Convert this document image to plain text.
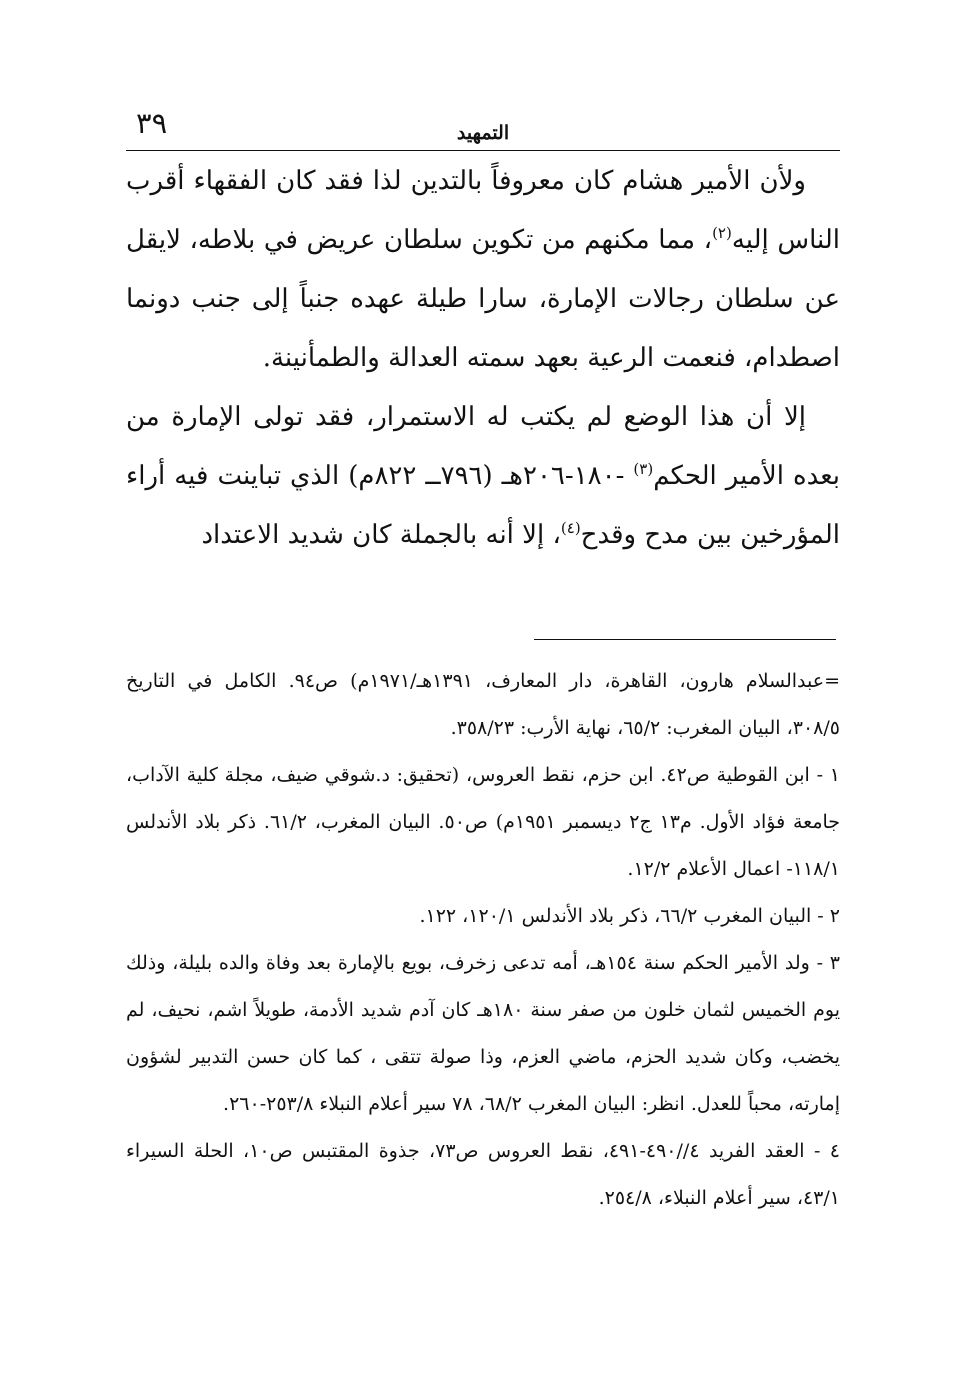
٣٩	التمهيد

ولأن الأمير هشام كان معروفاً بالتدين لذا فقد كان الفقهاء أقرب الناس إليه$^{(٢)}$، مما مكنهم من تكوين سلطان عريض في بلاطه، لايقل عن سلطان رجالات الإمارة، سارا طيلة عهده جنباً إلى جنب دونما اصطدام، فنعمت الرعية بعهد سمته العدالة والطمأنينة.

إلا أن هذا الوضع لم يكتب له الاستمرار، فقد تولى الإمارة من بعده الأمير الحكم$^{(٣)}$ -١٨٠-٢٠٦هـ (٧٩٦ــ ٨٢٢م) الذي تباينت فيه أراء المؤرخين بين مدح وقدح$^{(٤)}$، إلا أنه بالجملة كان شديد الاعتداد

=عبدالسلام هارون، القاهرة، دار المعارف، ١٣٩١هـ/١٩٧١م) ص٩٤. الكامل في التاريخ ٣٠٨/٥، البيان المغرب: ٦٥/٢، نهاية الأرب: ٣٥٨/٢٣.

١ - ابن القوطية ص٤٢. ابن حزم، نقط العروس، (تحقيق: د.شوقي ضيف، مجلة كلية الآداب، جامعة فؤاد الأول. م١٣ ج٢ ديسمبر ١٩٥١م) ص٥٠. البيان المغرب، ٦١/٢. ذكر بلاد الأندلس ١١٨/١- اعمال الأعلام ١٢/٢.

٢ - البيان المغرب ٦٦/٢، ذكر بلاد الأندلس ١٢٠/١، ١٢٢.

٣ - ولد الأمير الحكم سنة ١٥٤هـ، أمه تدعى زخرف، بويع بالإمارة بعد وفاة والده بليلة، وذلك يوم الخميس لثمان خلون من صفر سنة ١٨٠هـ كان آدم شديد الأدمة، طويلاً اشم، نحيف، لم يخضب، وكان شديد الحزم، ماضي العزم، وذا صولة تتقى ، كما كان حسن التدبير لشؤون إمارته، محباً للعدل. انظر: البيان المغرب ٦٨/٢، ٧٨ سير أعلام النبلاء ٢٥٣/٨-٢٦٠.

٤ - العقد الفريد ٤//٤٩٠-٤٩١، نقط العروس ص٧٣، جذوة المقتبس ص١٠، الحلة السيراء ٤٣/١، سير أعلام النبلاء، ٢٥٤/٨.
